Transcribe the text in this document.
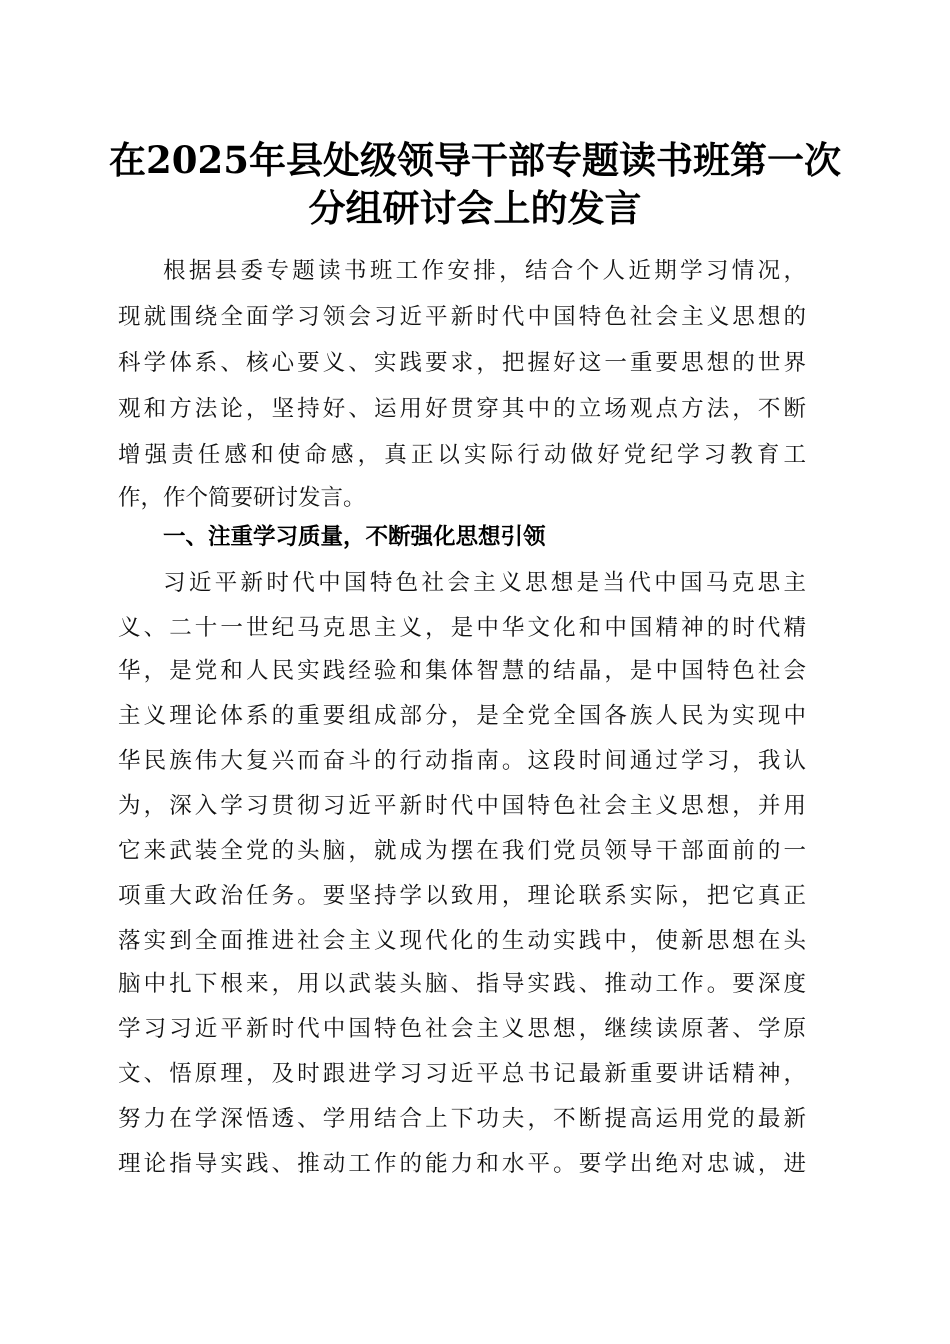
在2025年县处级领导干部专题读书班第一次
分组研讨会上的发言

根据县委专题读书班工作安排，结合个人近期学习情况，

现就围绕全面学习领会习近平新时代中国特色社会主义思想的

科学体系、核心要义、实践要求，把握好这一重要思想的世界

观和方法论，坚持好、运用好贯穿其中的立场观点方法，不断

增强责任感和使命感，真正以实际行动做好党纪学习教育工

作，作个简要研讨发言。

一、注重学习质量，不断强化思想引领

习近平新时代中国特色社会主义思想是当代中国马克思主

义、二十一世纪马克思主义，是中华文化和中国精神的时代精

华，是党和人民实践经验和集体智慧的结晶，是中国特色社会

主义理论体系的重要组成部分，是全党全国各族人民为实现中

华民族伟大复兴而奋斗的行动指南。这段时间通过学习，我认

为，深入学习贯彻习近平新时代中国特色社会主义思想，并用

它来武装全党的头脑，就成为摆在我们党员领导干部面前的一

项重大政治任务。要坚持学以致用，理论联系实际，把它真正

落实到全面推进社会主义现代化的生动实践中，使新思想在头

脑中扎下根来，用以武装头脑、指导实践、推动工作。要深度

学习习近平新时代中国特色社会主义思想，继续读原著、学原

文、悟原理，及时跟进学习习近平总书记最新重要讲话精神，

努力在学深悟透、学用结合上下功夫，不断提高运用党的最新

理论指导实践、推动工作的能力和水平。要学出绝对忠诚，进
